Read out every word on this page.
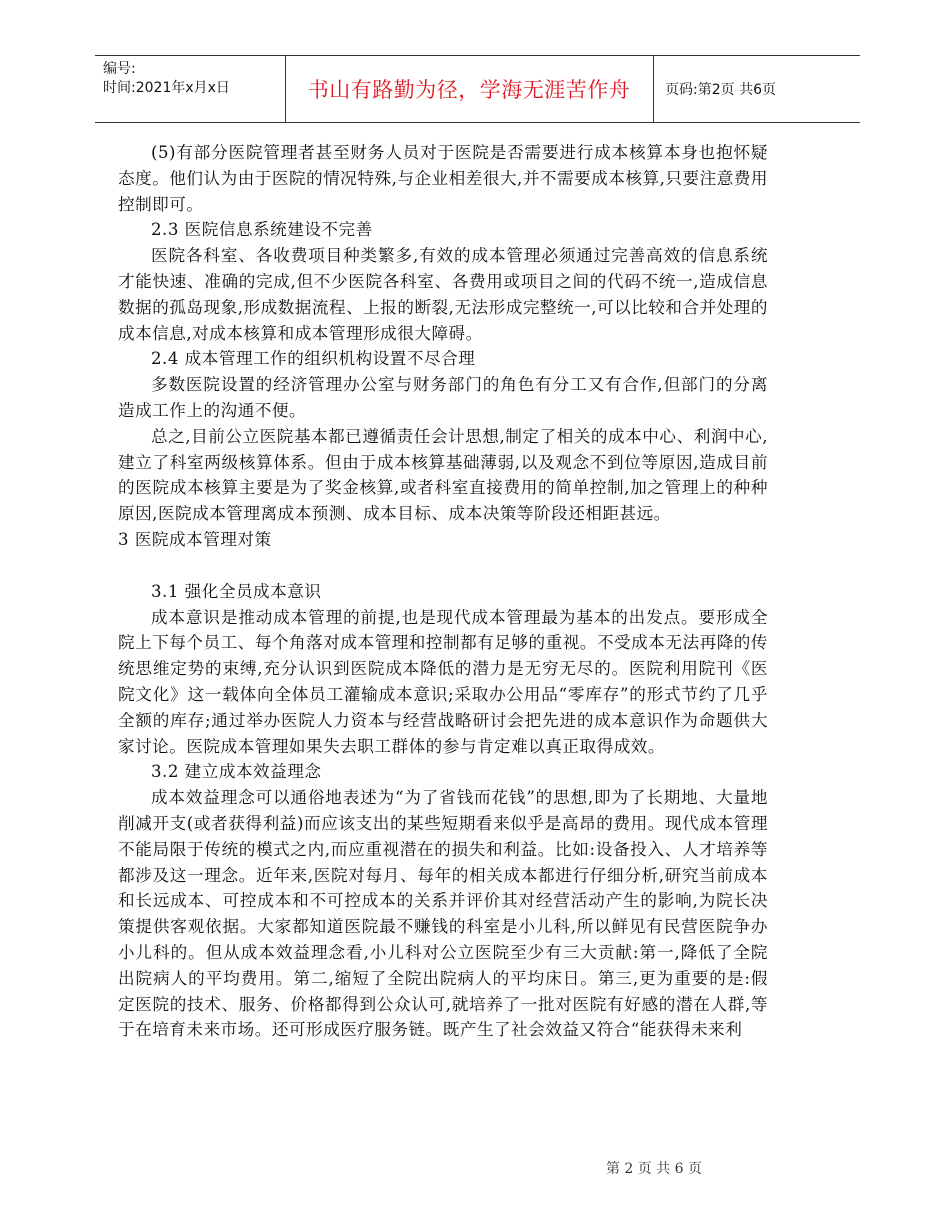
编号:
时间:2021年x月x日	书山有路勤为径，学海无涯苦作舟	页码:第2页 共6页

(5)有部分医院管理者甚至财务人员对于医院是否需要进行成本核算本身也抱怀疑态度。他们认为由于医院的情况特殊,与企业相差很大,并不需要成本核算,只要注意费用控制即可。

2.3 医院信息系统建设不完善

医院各科室、各收费项目种类繁多,有效的成本管理必须通过完善高效的信息系统才能快速、准确的完成,但不少医院各科室、各费用或项目之间的代码不统一,造成信息数据的孤岛现象,形成数据流程、上报的断裂,无法形成完整统一,可以比较和合并处理的成本信息,对成本核算和成本管理形成很大障碍。

2.4 成本管理工作的组织机构设置不尽合理

多数医院设置的经济管理办公室与财务部门的角色有分工又有合作,但部门的分离造成工作上的沟通不便。

总之,目前公立医院基本都已遵循责任会计思想,制定了相关的成本中心、利润中心,建立了科室两级核算体系。但由于成本核算基础薄弱,以及观念不到位等原因,造成目前的医院成本核算主要是为了奖金核算,或者科室直接费用的简单控制,加之管理上的种种原因,医院成本管理离成本预测、成本目标、成本决策等阶段还相距甚远。

3 医院成本管理对策

3.1 强化全员成本意识

成本意识是推动成本管理的前提,也是现代成本管理最为基本的出发点。要形成全院上下每个员工、每个角落对成本管理和控制都有足够的重视。不受成本无法再降的传统思维定势的束缚,充分认识到医院成本降低的潜力是无穷无尽的。医院利用院刊《医院文化》这一载体向全体员工灌输成本意识;采取办公用品“零库存”的形式节约了几乎全额的库存;通过举办医院人力资本与经营战略研讨会把先进的成本意识作为命题供大家讨论。医院成本管理如果失去职工群体的参与肯定难以真正取得成效。

3.2 建立成本效益理念

成本效益理念可以通俗地表述为“为了省钱而花钱”的思想,即为了长期地、大量地削减开支(或者获得利益)而应该支出的某些短期看来似乎是高昂的费用。现代成本管理不能局限于传统的模式之内,而应重视潜在的损失和利益。比如:设备投入、人才培养等都涉及这一理念。近年来,医院对每月、每年的相关成本都进行仔细分析,研究当前成本和长远成本、可控成本和不可控成本的关系并评价其对经营活动产生的影响,为院长决策提供客观依据。大家都知道医院最不赚钱的科室是小儿科,所以鲜见有民营医院争办小儿科的。但从成本效益理念看,小儿科对公立医院至少有三大贡献:第一,降低了全院出院病人的平均费用。第二,缩短了全院出院病人的平均床日。第三,更为重要的是:假定医院的技术、服务、价格都得到公众认可,就培养了一批对医院有好感的潜在人群,等于在培育未来市场。还可形成医疗服务链。既产生了社会效益又符合“能获得未来利

第 2 页 共 6 页
